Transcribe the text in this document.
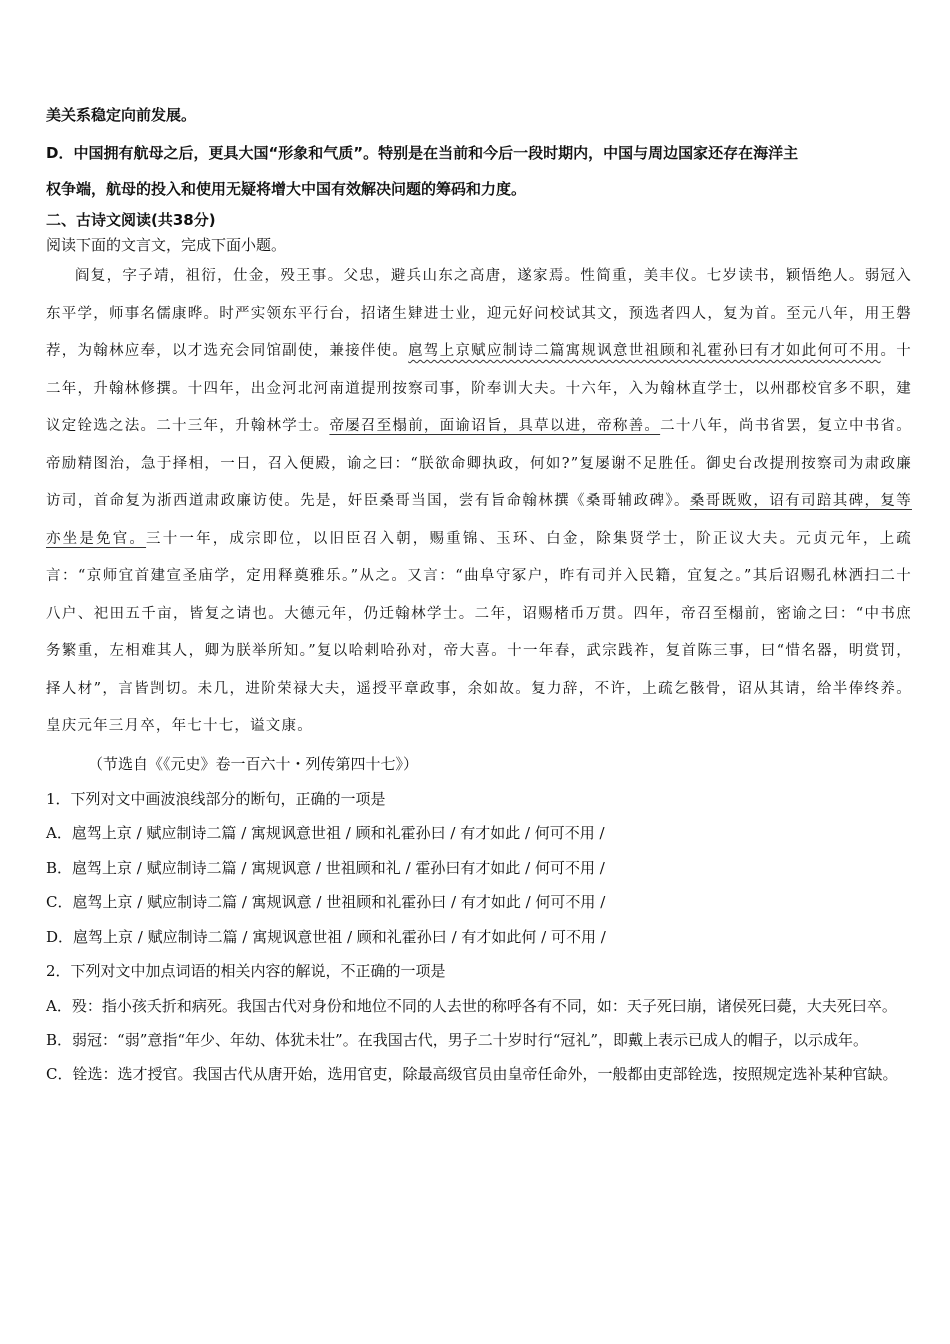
美关系稳定向前发展。
D．中国拥有航母之后，更具大国“形象和气质”。特别是在当前和今后一段时期内，中国与周边国家还存在海洋主
权争端，航母的投入和使用无疑将增大中国有效解决问题的筹码和力度。
二、古诗文阅读(共38分)
阅读下面的文言文，完成下面小题。

阎复，字子靖，祖衍，仕金，殁王事。父忠，避兵山东之高唐，遂家焉。性简重，美丰仪。七岁读书，颖悟绝人。弱冠入东平学，师事名儒康晔。时严实领东平行台，招诸生肄进士业，迎元好问校试其文，预选者四人，复为首。至元八年，用王磐荐，为翰林应奉，以才选充会同馆副使，兼接伴使。扈驾上京赋应制诗二篇寓规讽意世祖顾和礼霍孙曰有才如此何可不用。十二年，升翰林修撰。十四年，出佥河北河南道提刑按察司事，阶奉训大夫。十六年，入为翰林直学士，以州郡校官多不职，建议定铨选之法。二十三年，升翰林学士。帝屡召至榻前，面谕诏旨，具草以进，帝称善。二十八年，尚书省罢，复立中书省。帝励精图治，急于择相，一日，召入便殿，谕之曰：“朕欲命卿执政，何如?”复屡谢不足胜任。御史台改提刑按察司为肃政廉访司，首命复为浙西道肃政廉访使。先是，奸臣桑哥当国，尝有旨命翰林撰《桑哥辅政碑》。桑哥既败，诏有司踣其碑，复等亦坐是免官。三十一年，成宗即位，以旧臣召入朝，赐重锦、玉环、白金，除集贤学士，阶正议大夫。元贞元年，上疏言：“京师宜首建宣圣庙学，定用释奠雅乐。”从之。又言：“曲阜守冢户，昨有司并入民籍，宜复之。”其后诏赐孔林洒扫二十八户、祀田五千亩，皆复之请也。大德元年，仍迁翰林学士。二年，诏赐楮币万贯。四年，帝召至榻前，密谕之曰：“中书庶务繁重，左相难其人，卿为朕举所知。”复以哈剌哈孙对，帝大喜。十一年春，武宗践祚，复首陈三事，曰“惜名器，明赏罚，择人材”，言皆剀切。未几，进阶荣禄大夫，遥授平章政事，余如故。复力辞，不许，上疏乞骸骨，诏从其请，给半俸终养。皇庆元年三月卒，年七十七，谥文康。

（节选自《《元史》卷一百六十・列传第四十七》）
1．下列对文中画波浪线部分的断句，正确的一项是
A．扈驾上京 / 赋应制诗二篇 / 寓规讽意世祖 / 顾和礼霍孙曰 / 有才如此 / 何可不用 /
B．扈驾上京 / 赋应制诗二篇 / 寓规讽意 / 世祖顾和礼 / 霍孙曰有才如此 / 何可不用 /
C．扈驾上京 / 赋应制诗二篇 / 寓规讽意 / 世祖顾和礼霍孙曰 / 有才如此 / 何可不用 /
D．扈驾上京 / 赋应制诗二篇 / 寓规讽意世祖 / 顾和礼霍孙曰 / 有才如此何 / 可不用 /
2．下列对文中加点词语的相关内容的解说，不正确的一项是
A．殁：指小孩夭折和病死。我国古代对身份和地位不同的人去世的称呼各有不同，如：天子死曰崩，诸侯死曰薨，大夫死曰卒。
B．弱冠：“弱”意指“年少、年幼、体犹未壮”。在我国古代，男子二十岁时行“冠礼”，即戴上表示已成人的帽子，以示成年。
C．铨选：选才授官。我国古代从唐开始，选用官吏，除最高级官员由皇帝任命外，一般都由吏部铨选，按照规定选补某种官缺。
